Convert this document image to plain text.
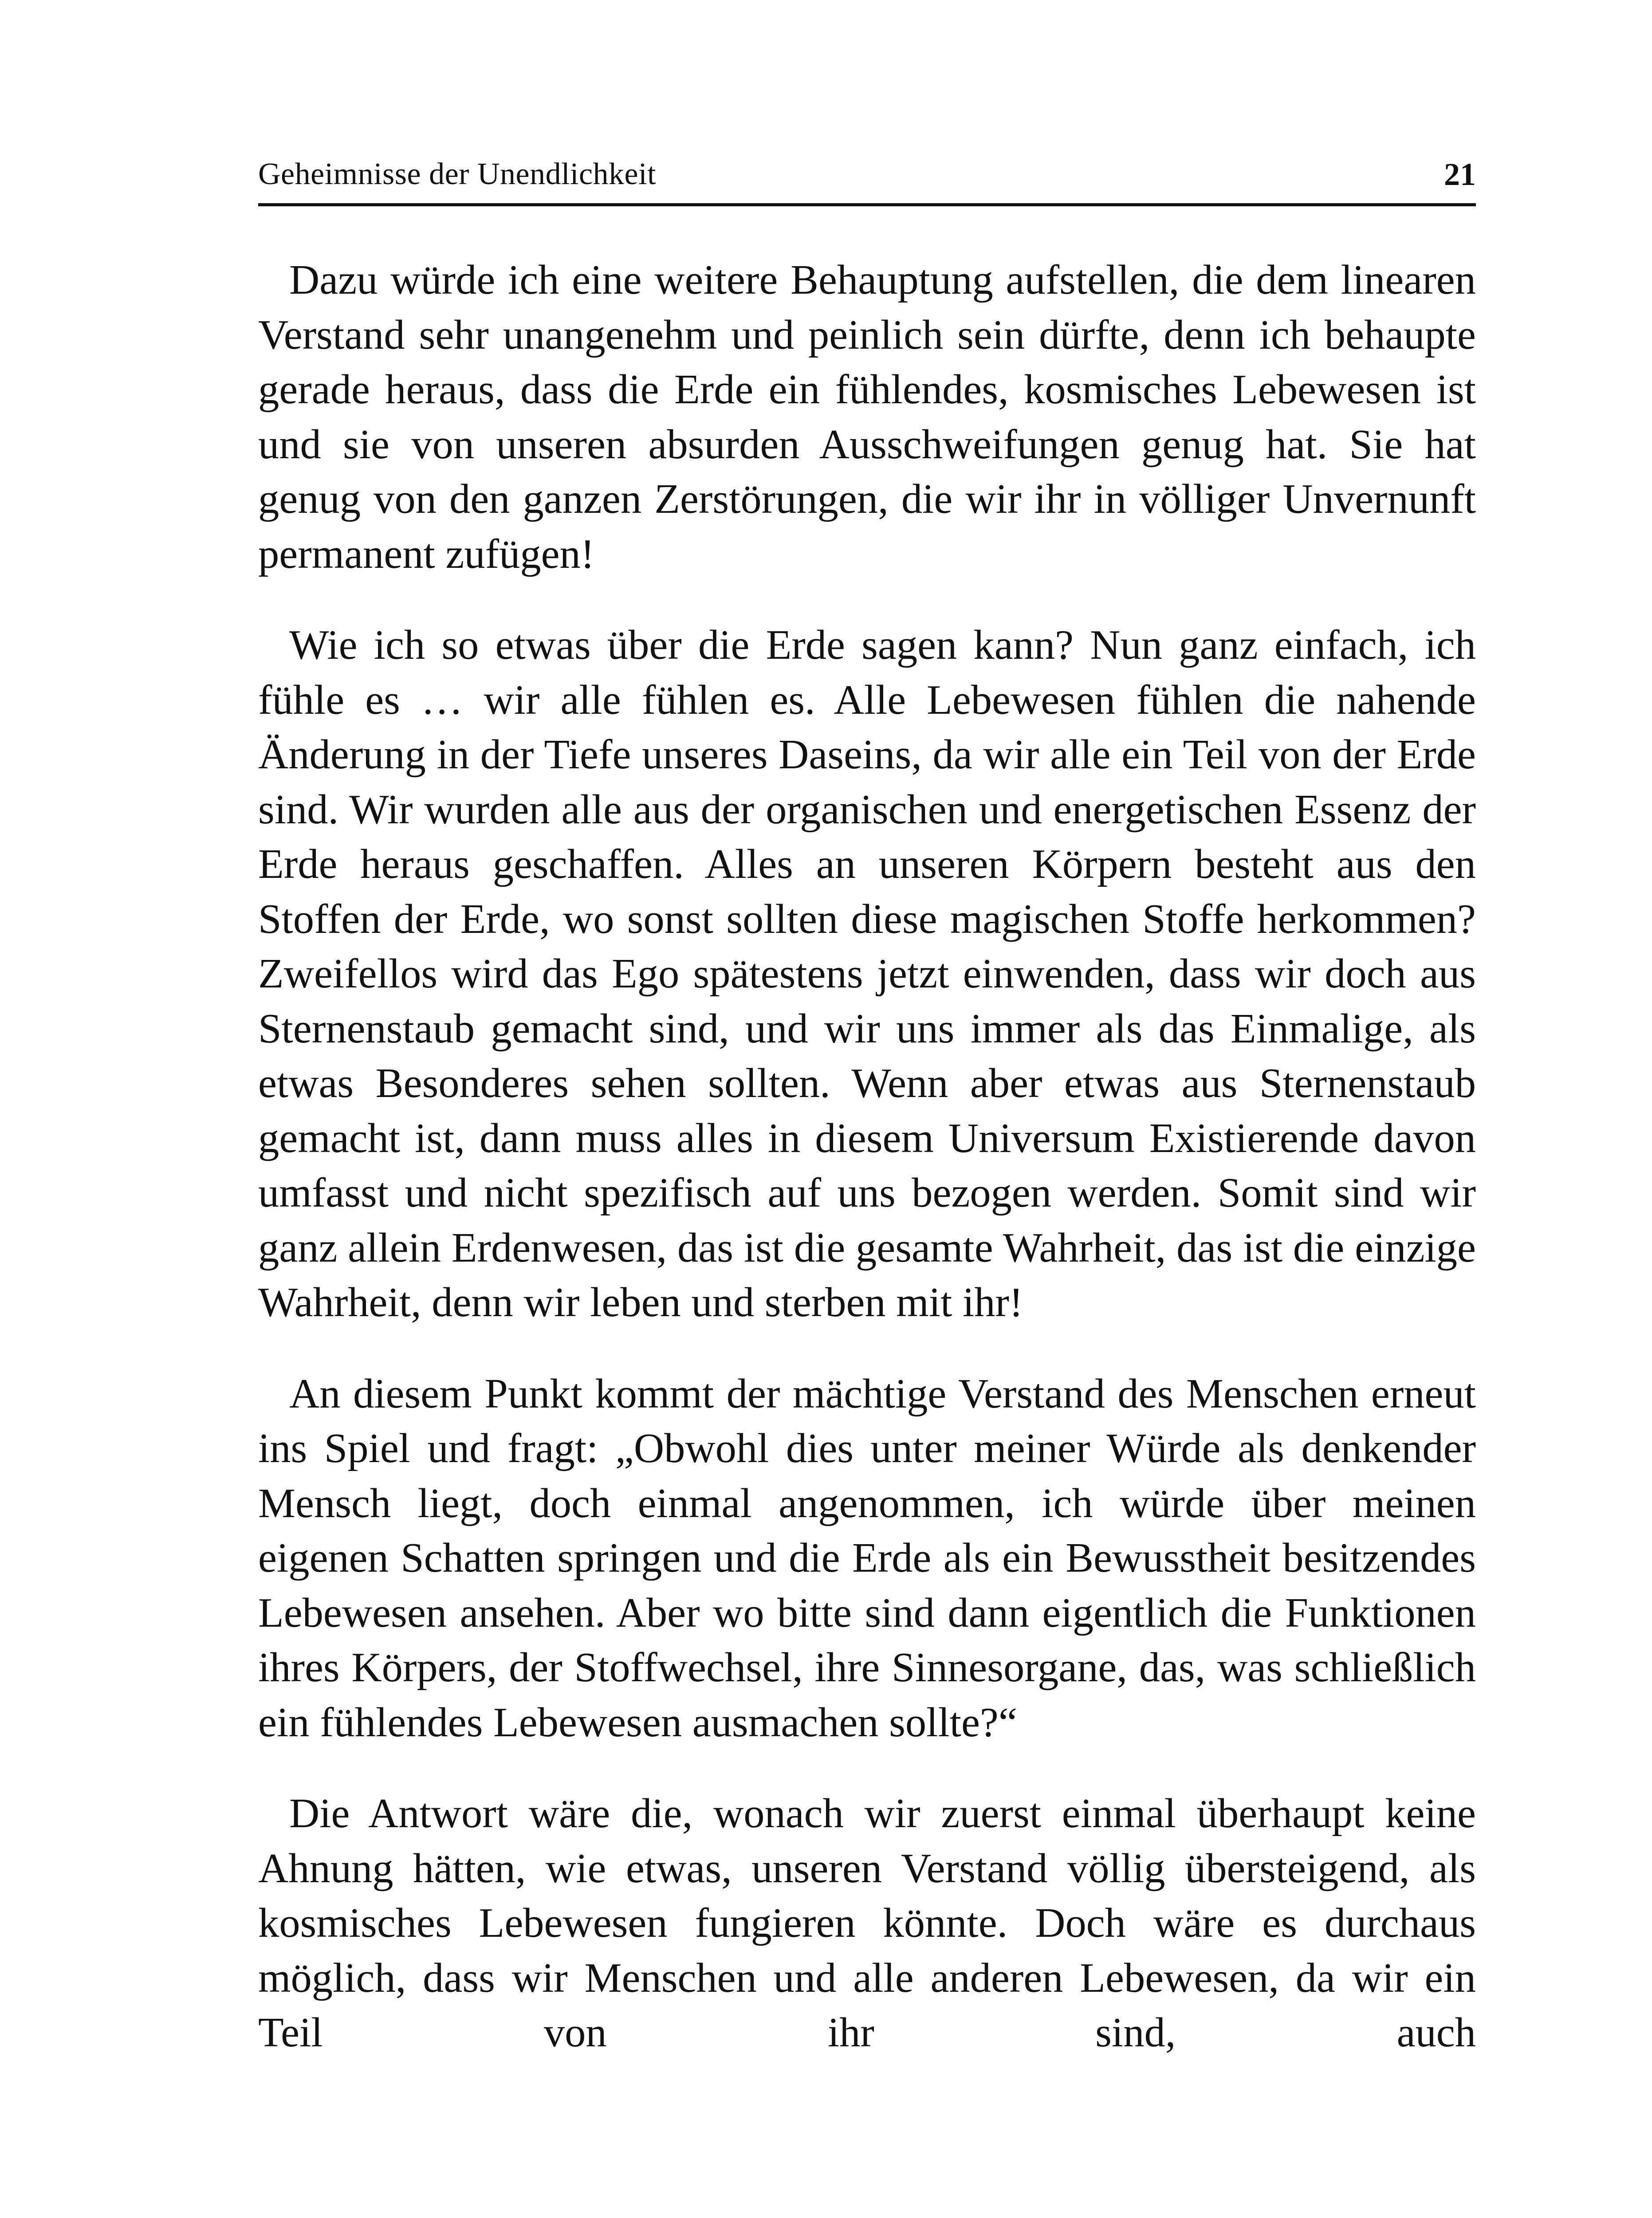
Geheimnisse der Unendlichkeit	21

Dazu würde ich eine weitere Behauptung aufstellen, die dem linearen Verstand sehr unangenehm und peinlich sein dürfte, denn ich behaupte gerade heraus, dass die Erde ein fühlendes, kosmisches Lebewesen ist und sie von unseren absurden Ausschweifungen genug hat. Sie hat genug von den ganzen Zerstörungen, die wir ihr in völliger Unvernunft permanent zufügen!

Wie ich so etwas über die Erde sagen kann? Nun ganz einfach, ich fühle es … wir alle fühlen es. Alle Lebewesen fühlen die nahende Änderung in der Tiefe unseres Daseins, da wir alle ein Teil von der Erde sind. Wir wurden alle aus der organischen und energetischen Essenz der Erde heraus geschaffen. Alles an unseren Körpern besteht aus den Stoffen der Erde, wo sonst sollten diese magischen Stoffe herkommen? Zweifellos wird das Ego spätestens jetzt einwenden, dass wir doch aus Sternenstaub gemacht sind, und wir uns immer als das Einmalige, als etwas Besonderes sehen sollten. Wenn aber etwas aus Sternenstaub gemacht ist, dann muss alles in diesem Universum Existierende davon umfasst und nicht spezifisch auf uns bezogen werden. Somit sind wir ganz allein Erdenwesen, das ist die gesamte Wahrheit, das ist die einzige Wahrheit, denn wir leben und sterben mit ihr!

An diesem Punkt kommt der mächtige Verstand des Menschen erneut ins Spiel und fragt: „Obwohl dies unter meiner Würde als denkender Mensch liegt, doch einmal angenommen, ich würde über meinen eigenen Schatten springen und die Erde als ein Bewusstheit besitzendes Lebewesen ansehen. Aber wo bitte sind dann eigentlich die Funktionen ihres Körpers, der Stoffwechsel, ihre Sinnesorgane, das, was schließlich ein fühlendes Lebewesen ausmachen sollte?“

Die Antwort wäre die, wonach wir zuerst einmal überhaupt keine Ahnung hätten, wie etwas, unseren Verstand völlig übersteigend, als kosmisches Lebewesen fungieren könnte. Doch wäre es durchaus möglich, dass wir Menschen und alle anderen Lebewesen, da wir ein Teil von ihr sind, auch
